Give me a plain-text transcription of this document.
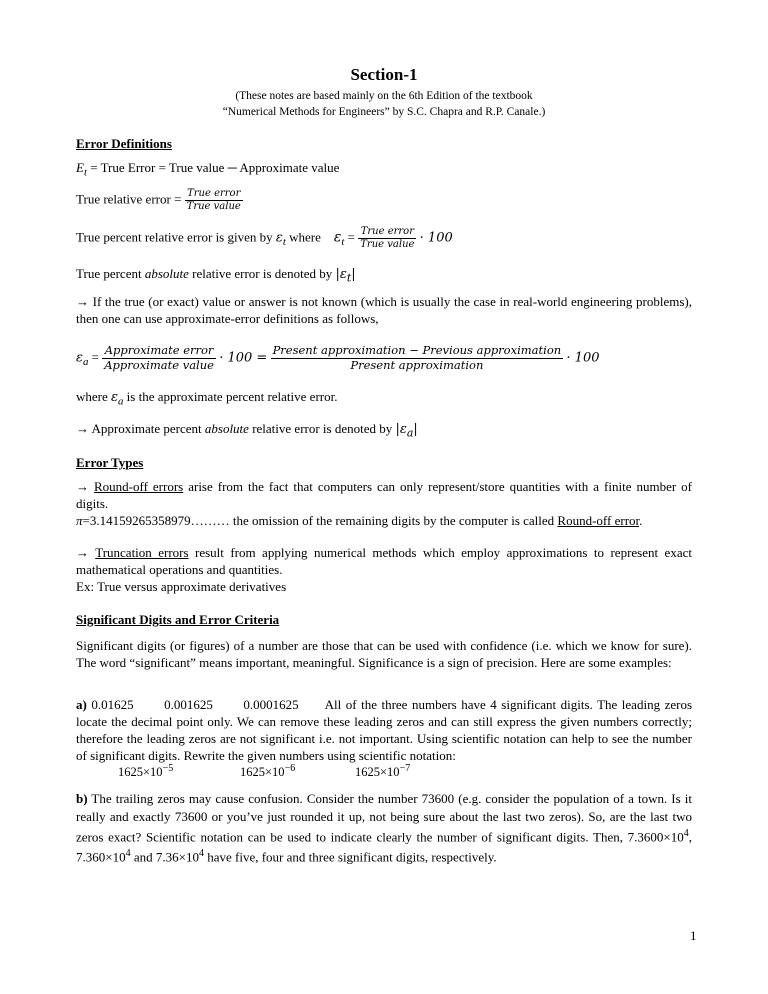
Section-1
(These notes are based mainly on the 6th Edition of the textbook
“Numerical Methods for Engineers” by S.C. Chapra and R.P. Canale.)
Error Definitions
$E_t$ = True Error = True value ─ Approximate value
True relative error = $\frac{\text{True error}}{\text{True value}}$
True percent relative error is given by $\varepsilon_t$ where    $\varepsilon_t = \frac{\text{True error}}{\text{True value}} \cdot 100$
True percent absolute relative error is denoted by $|\varepsilon_t|$
→ If the true (or exact) value or answer is not known (which is usually the case in real-world engineering problems), then one can use approximate-error definitions as follows,
$\varepsilon_a = \frac{\text{Approximate error}}{\text{Approximate value}} \cdot 100 = \frac{\text{Present approximation − Previous approximation}}{\text{Present approximation}} \cdot 100$
where $\varepsilon_a$ is the approximate percent relative error.
→ Approximate percent absolute relative error is denoted by $|\varepsilon_a|$
Error Types
→ Round-off errors arise from the fact that computers can only represent/store quantities with a finite number of digits.
π=3.14159265358979……… the omission of the remaining digits by the computer is called Round-off error.
→ Truncation errors result from applying numerical methods which employ approximations to represent exact mathematical operations and quantities.
Ex: True versus approximate derivatives
Significant Digits and Error Criteria
Significant digits (or figures) of a number are those that can be used with confidence (i.e. which we know for sure). The word “significant” means important, meaningful. Significance is a sign of precision. Here are some examples:
a) 0.01625   0.001625   0.0001625  All of the three numbers have 4 significant digits. The leading zeros locate the decimal point only. We can remove these leading zeros and can still express the given numbers correctly; therefore the leading zeros are not significant i.e. not important. Using scientific notation can help to see the number of significant digits. Rewrite the given numbers using scientific notation:
$1625\times 10^{-5}$	$1625\times 10^{-6}$	$1625\times 10^{-7}$
b) The trailing zeros may cause confusion. Consider the number 73600 (e.g. consider the population of a town. Is it really and exactly 73600 or you’ve just rounded it up, not being sure about the last two zeros). So, are the last two zeros exact? Scientific notation can be used to indicate clearly the number of significant digits. Then, $7.3600\times 10^4$, $7.360\times 10^4$ and $7.36\times 10^4$ have five, four and three significant digits, respectively.
1
